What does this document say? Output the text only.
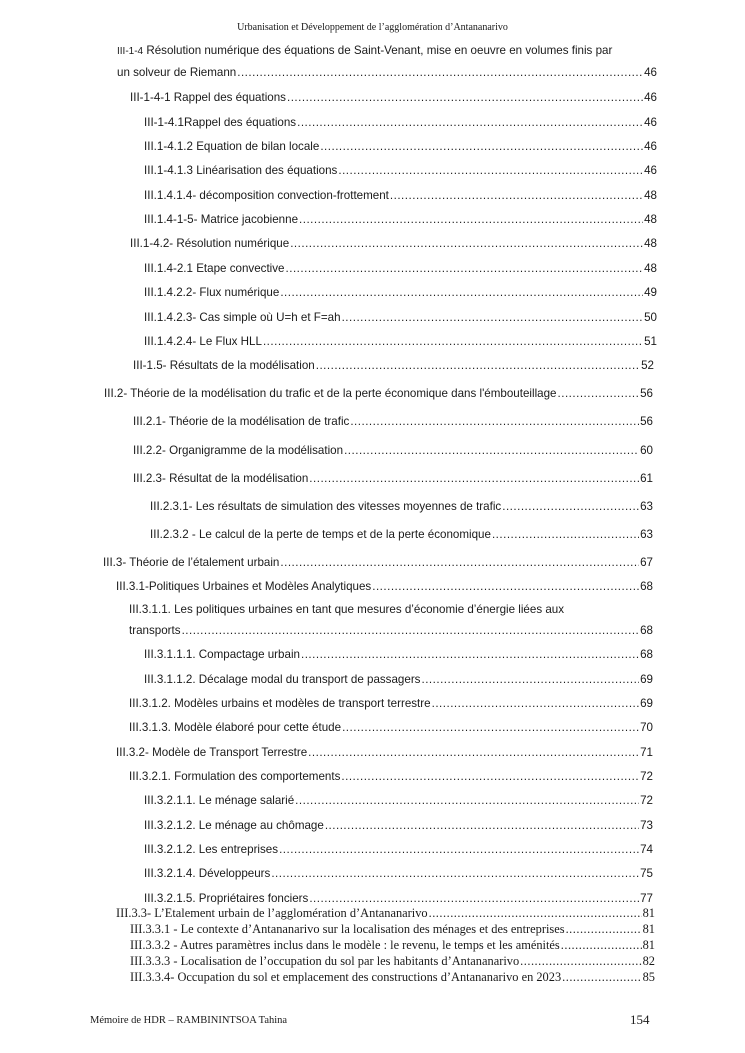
Urbanisation et Développement de l’agglomération d’Antananarivo
III-1-4 Résolution numérique des équations de Saint-Venant, mise en oeuvre en volumes finis par
un solveur de Riemann .....	46
III-1-4-1 Rappel des équations .....	46
III-1-4.1Rappel des équations .....	46
III.1-4.1.2 Equation de bilan locale .....	46
III.1-4.1.3 Linéarisation des équations .....	46
III.1.4.1.4- décomposition convection-frottement .....	48
III.1.4-1-5- Matrice jacobienne .....	48
III.1-4.2- Résolution numérique .....	48
III.1.4-2.1 Etape convective .....	48
III.1.4.2.2- Flux numérique .....	49
III.1.4.2.3- Cas simple où U=h et F=ah .....	50
III.1.4.2.4- Le Flux HLL .....	51
III-1.5- Résultats de la modélisation .....	52
III.2- Théorie de la modélisation du trafic et de la perte économique dans l'émbouteillage .....	56
III.2.1- Théorie de la modélisation de trafic .....	56
III.2.2- Organigramme de la modélisation .....	60
III.2.3- Résultat de la modélisation .....	61
III.2.3.1- Les résultats de simulation des vitesses moyennes de trafic .....	63
III.2.3.2 - Le calcul de la perte de temps et de la perte économique .....	63
III.3- Théorie de l’étalement urbain .....	67
III.3.1-Politiques Urbaines et Modèles Analytiques .....	68
III.3.1.1. Les politiques urbaines en tant que mesures d’économie d’énergie liées aux
transports .....	68
III.3.1.1.1. Compactage urbain .....	68
III.3.1.1.2. Décalage modal du transport de passagers .....	69
III.3.1.2. Modèles urbains et modèles de transport terrestre .....	69
III.3.1.3. Modèle élaboré pour cette étude .....	70
III.3.2- Modèle de Transport Terrestre .....	71
III.3.2.1. Formulation des comportements .....	72
III.3.2.1.1. Le ménage salarié .....	72
III.3.2.1.2. Le ménage au chômage .....	73
III.3.2.1.2. Les entreprises .....	74
III.3.2.1.4. Développeurs .....	75
III.3.2.1.5. Propriétaires fonciers .....	77
III.3.3- L’Etalement urbain de l’agglomération d’Antananarivo .....	81
III.3.3.1 - Le contexte d’Antananarivo sur la localisation des ménages et des entreprises .....	81
III.3.3.2 - Autres paramètres inclus dans le modèle : le revenu, le temps et les aménités .....	81
III.3.3.3 - Localisation de l’occupation du sol par les habitants d’Antananarivo .....	82
III.3.3.4- Occupation du sol et emplacement des constructions d’Antananarivo en 2023 .....	85
Mémoire de HDR – RAMBININTSOA Tahina	154
